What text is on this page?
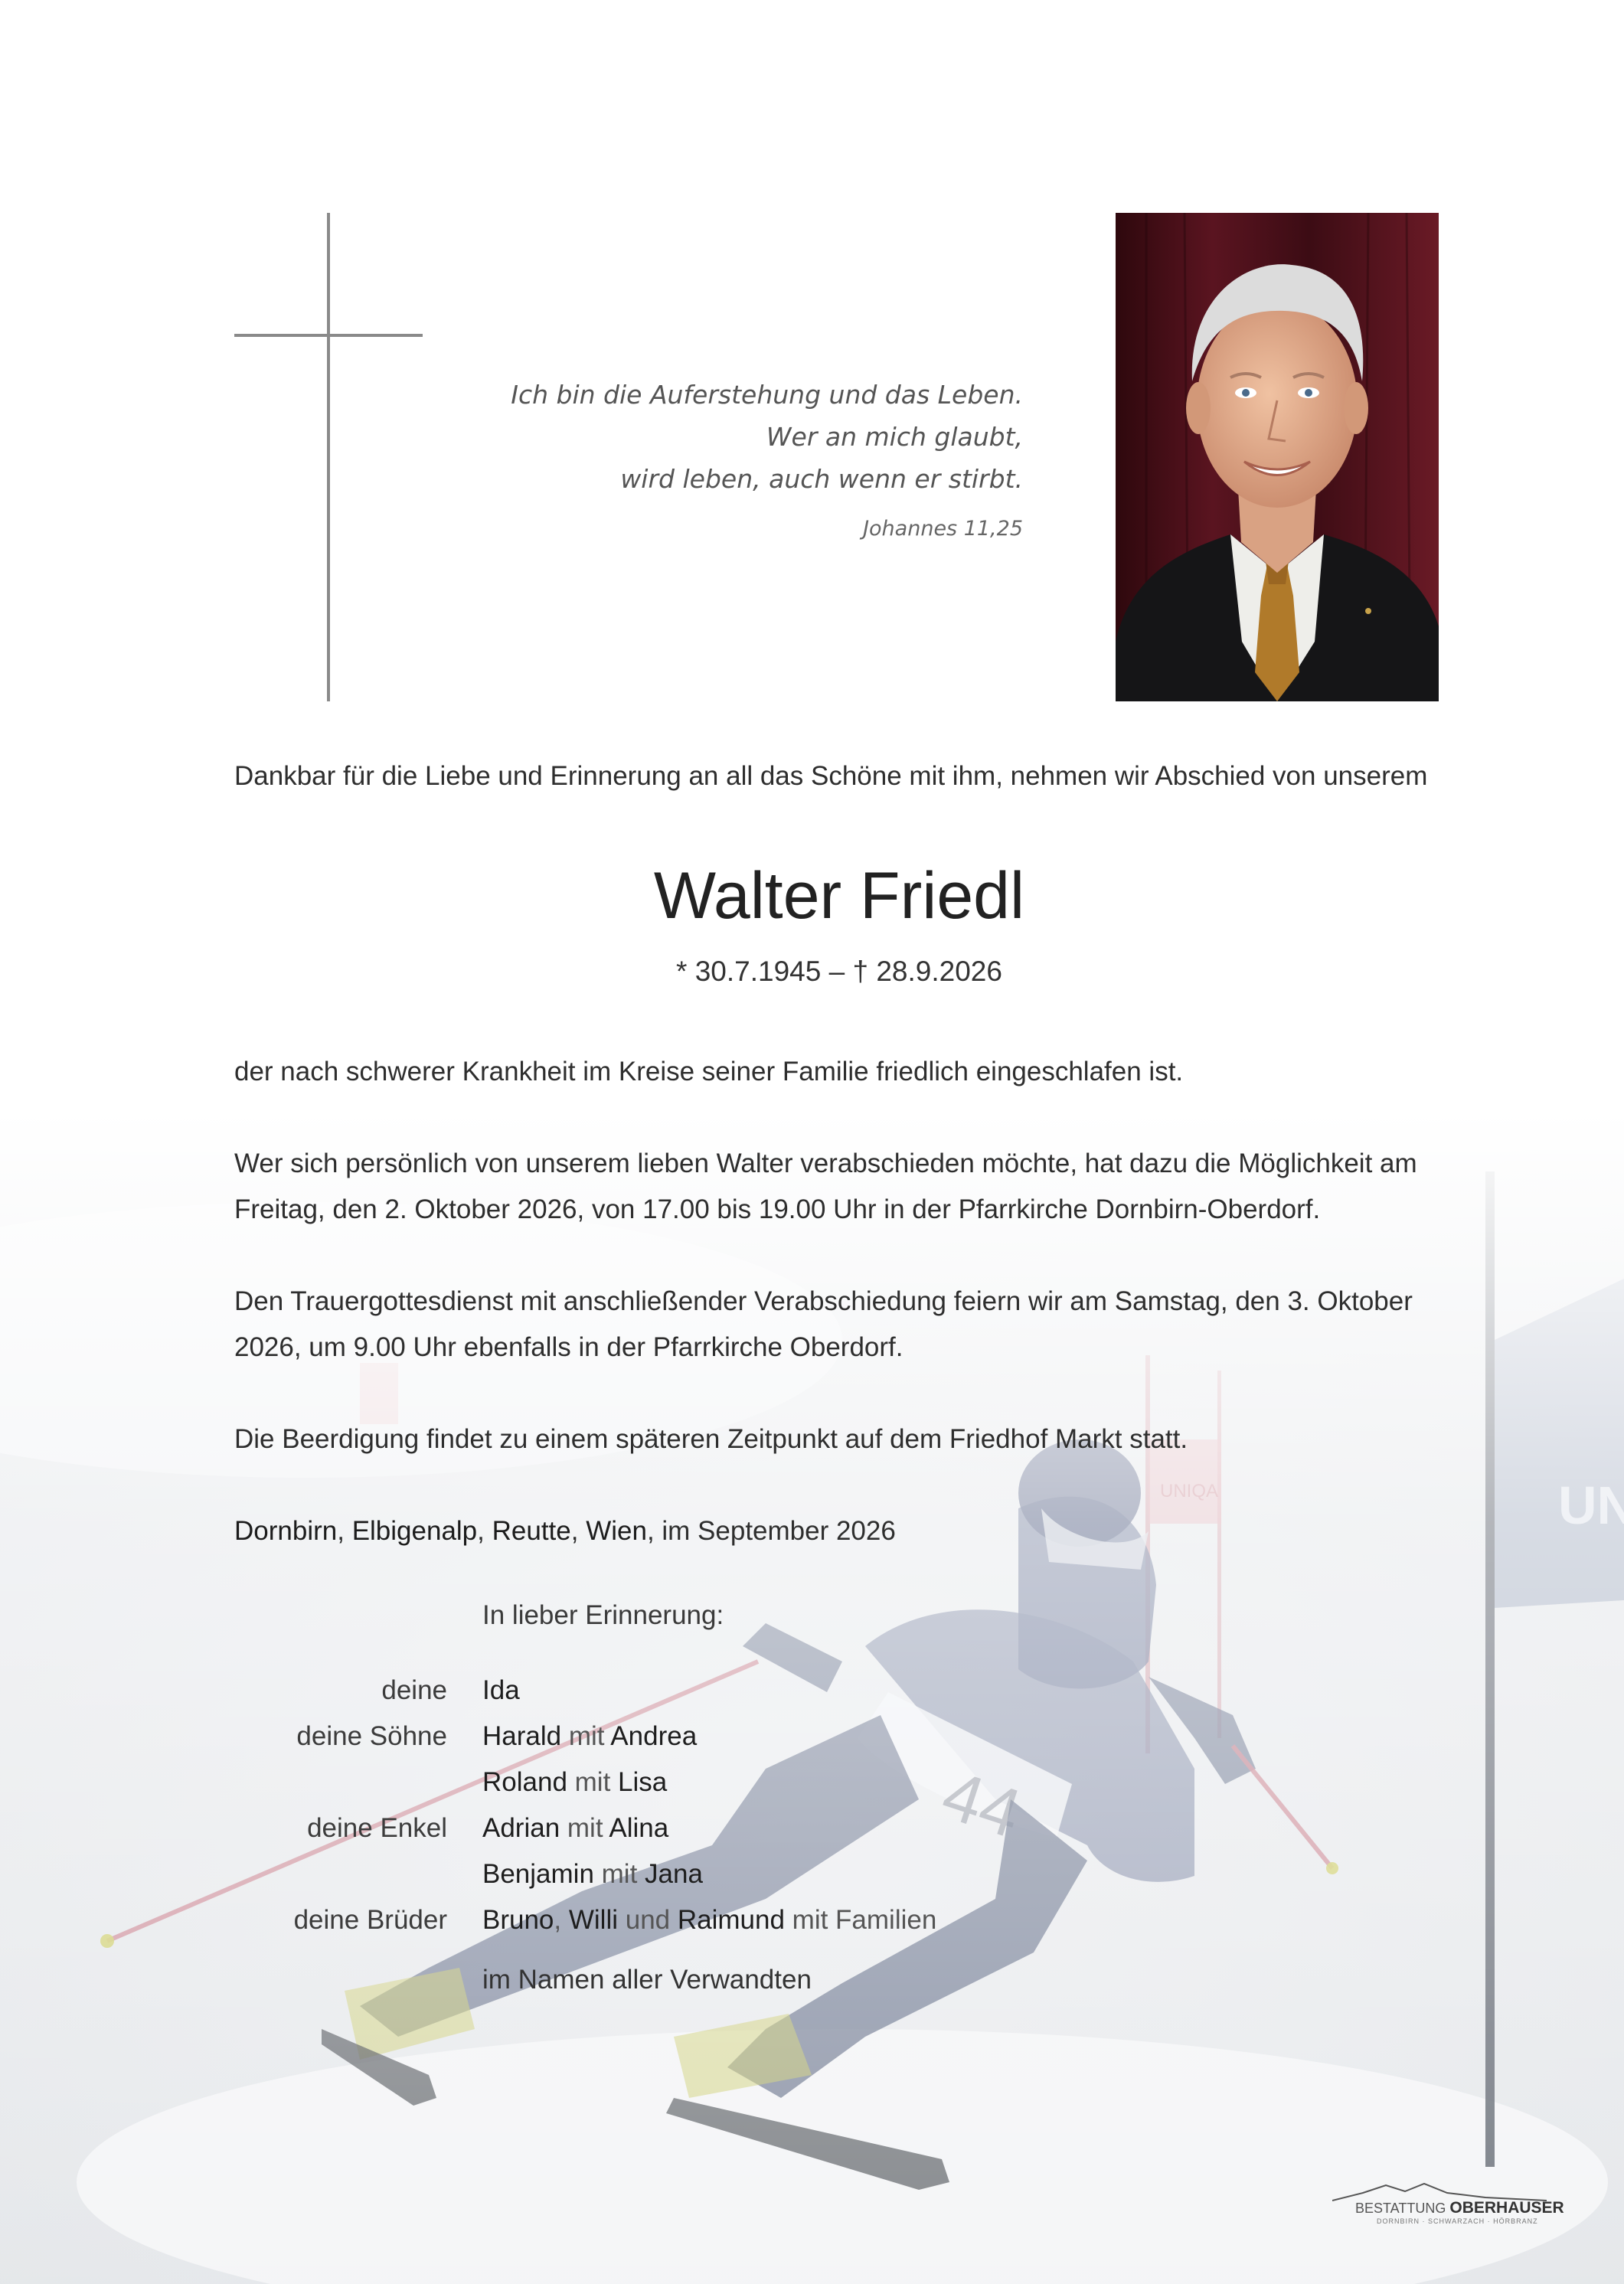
Ich bin die Auferstehung und das Leben.
Wer an mich glaubt,
wird leben, auch wenn er stirbt.
Johannes 11,25
Dankbar für die Liebe und Erinnerung an all das Schöne mit ihm, nehmen wir Abschied von unserem
Walter Friedl
* 30.7.1945 – † 28.9.2026
der nach schwerer Krankheit im Kreise seiner Familie friedlich eingeschlafen ist.
Wer sich persönlich von unserem lieben Walter verabschieden möchte, hat dazu die Möglichkeit am Freitag, den 2. Oktober 2026, von 17.00 bis 19.00 Uhr in der Pfarrkirche Dornbirn-Oberdorf.
Den Trauergottesdienst mit anschließender Verabschiedung feiern wir am Samstag, den 3. Oktober 2026, um 9.00 Uhr ebenfalls in der Pfarrkirche Oberdorf.
Die Beerdigung findet zu einem späteren Zeitpunkt auf dem Friedhof Markt statt.
Dornbirn, Elbigenalp, Reutte, Wien, im September 2026
In lieber Erinnerung:
deine Ida
deine Söhne Harald mit Andrea
Roland mit Lisa
deine Enkel Adrian mit Alina
Benjamin mit Jana
deine Brüder Bruno, Willi und Raimund mit Familien
im Namen aller Verwandten
BESTATTUNG OBERHAUSER
DORNBIRN · SCHWARZACH · HÖRBRANZ
